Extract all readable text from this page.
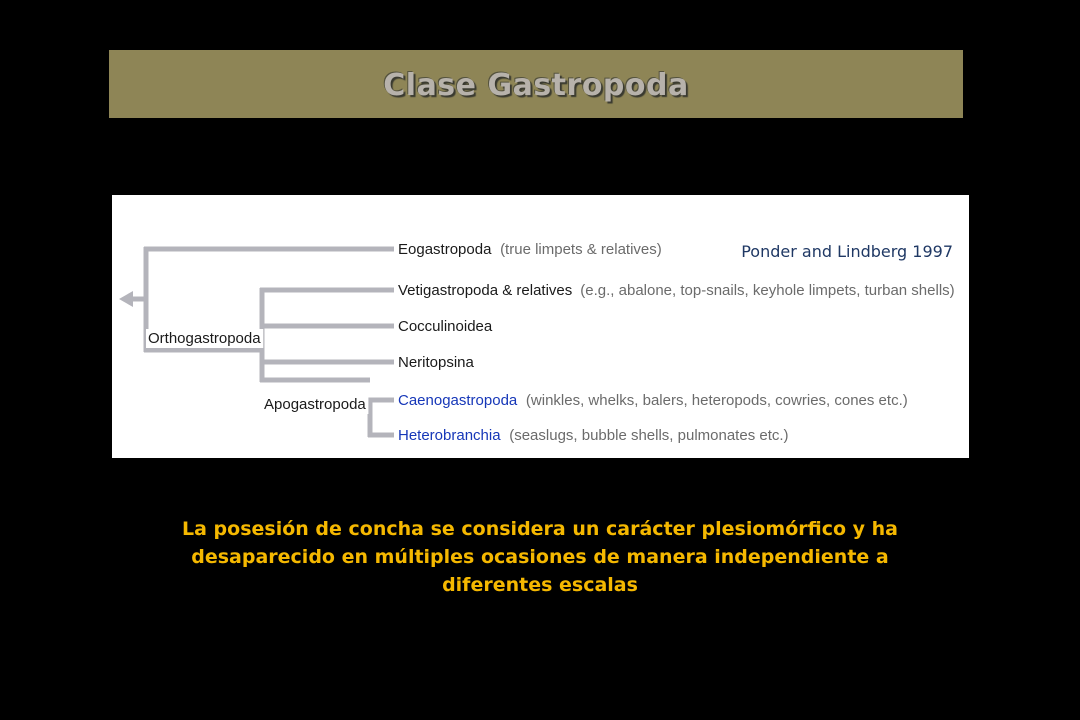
Clase Gastropoda
Orthogastropoda
Apogastropoda
Eogastropoda (true limpets & relatives)
Vetigastropoda & relatives (e.g., abalone, top-snails, keyhole limpets, turban shells)
Cocculinoidea
Neritopsina
Caenogastropoda (winkles, whelks, balers, heteropods, cowries, cones etc.)
Heterobranchia (seaslugs, bubble shells, pulmonates etc.)
Ponder and Lindberg 1997
La posesión de concha se considera un carácter plesiomórfico y ha
desaparecido en múltiples ocasiones de manera independiente a
diferentes escalas
